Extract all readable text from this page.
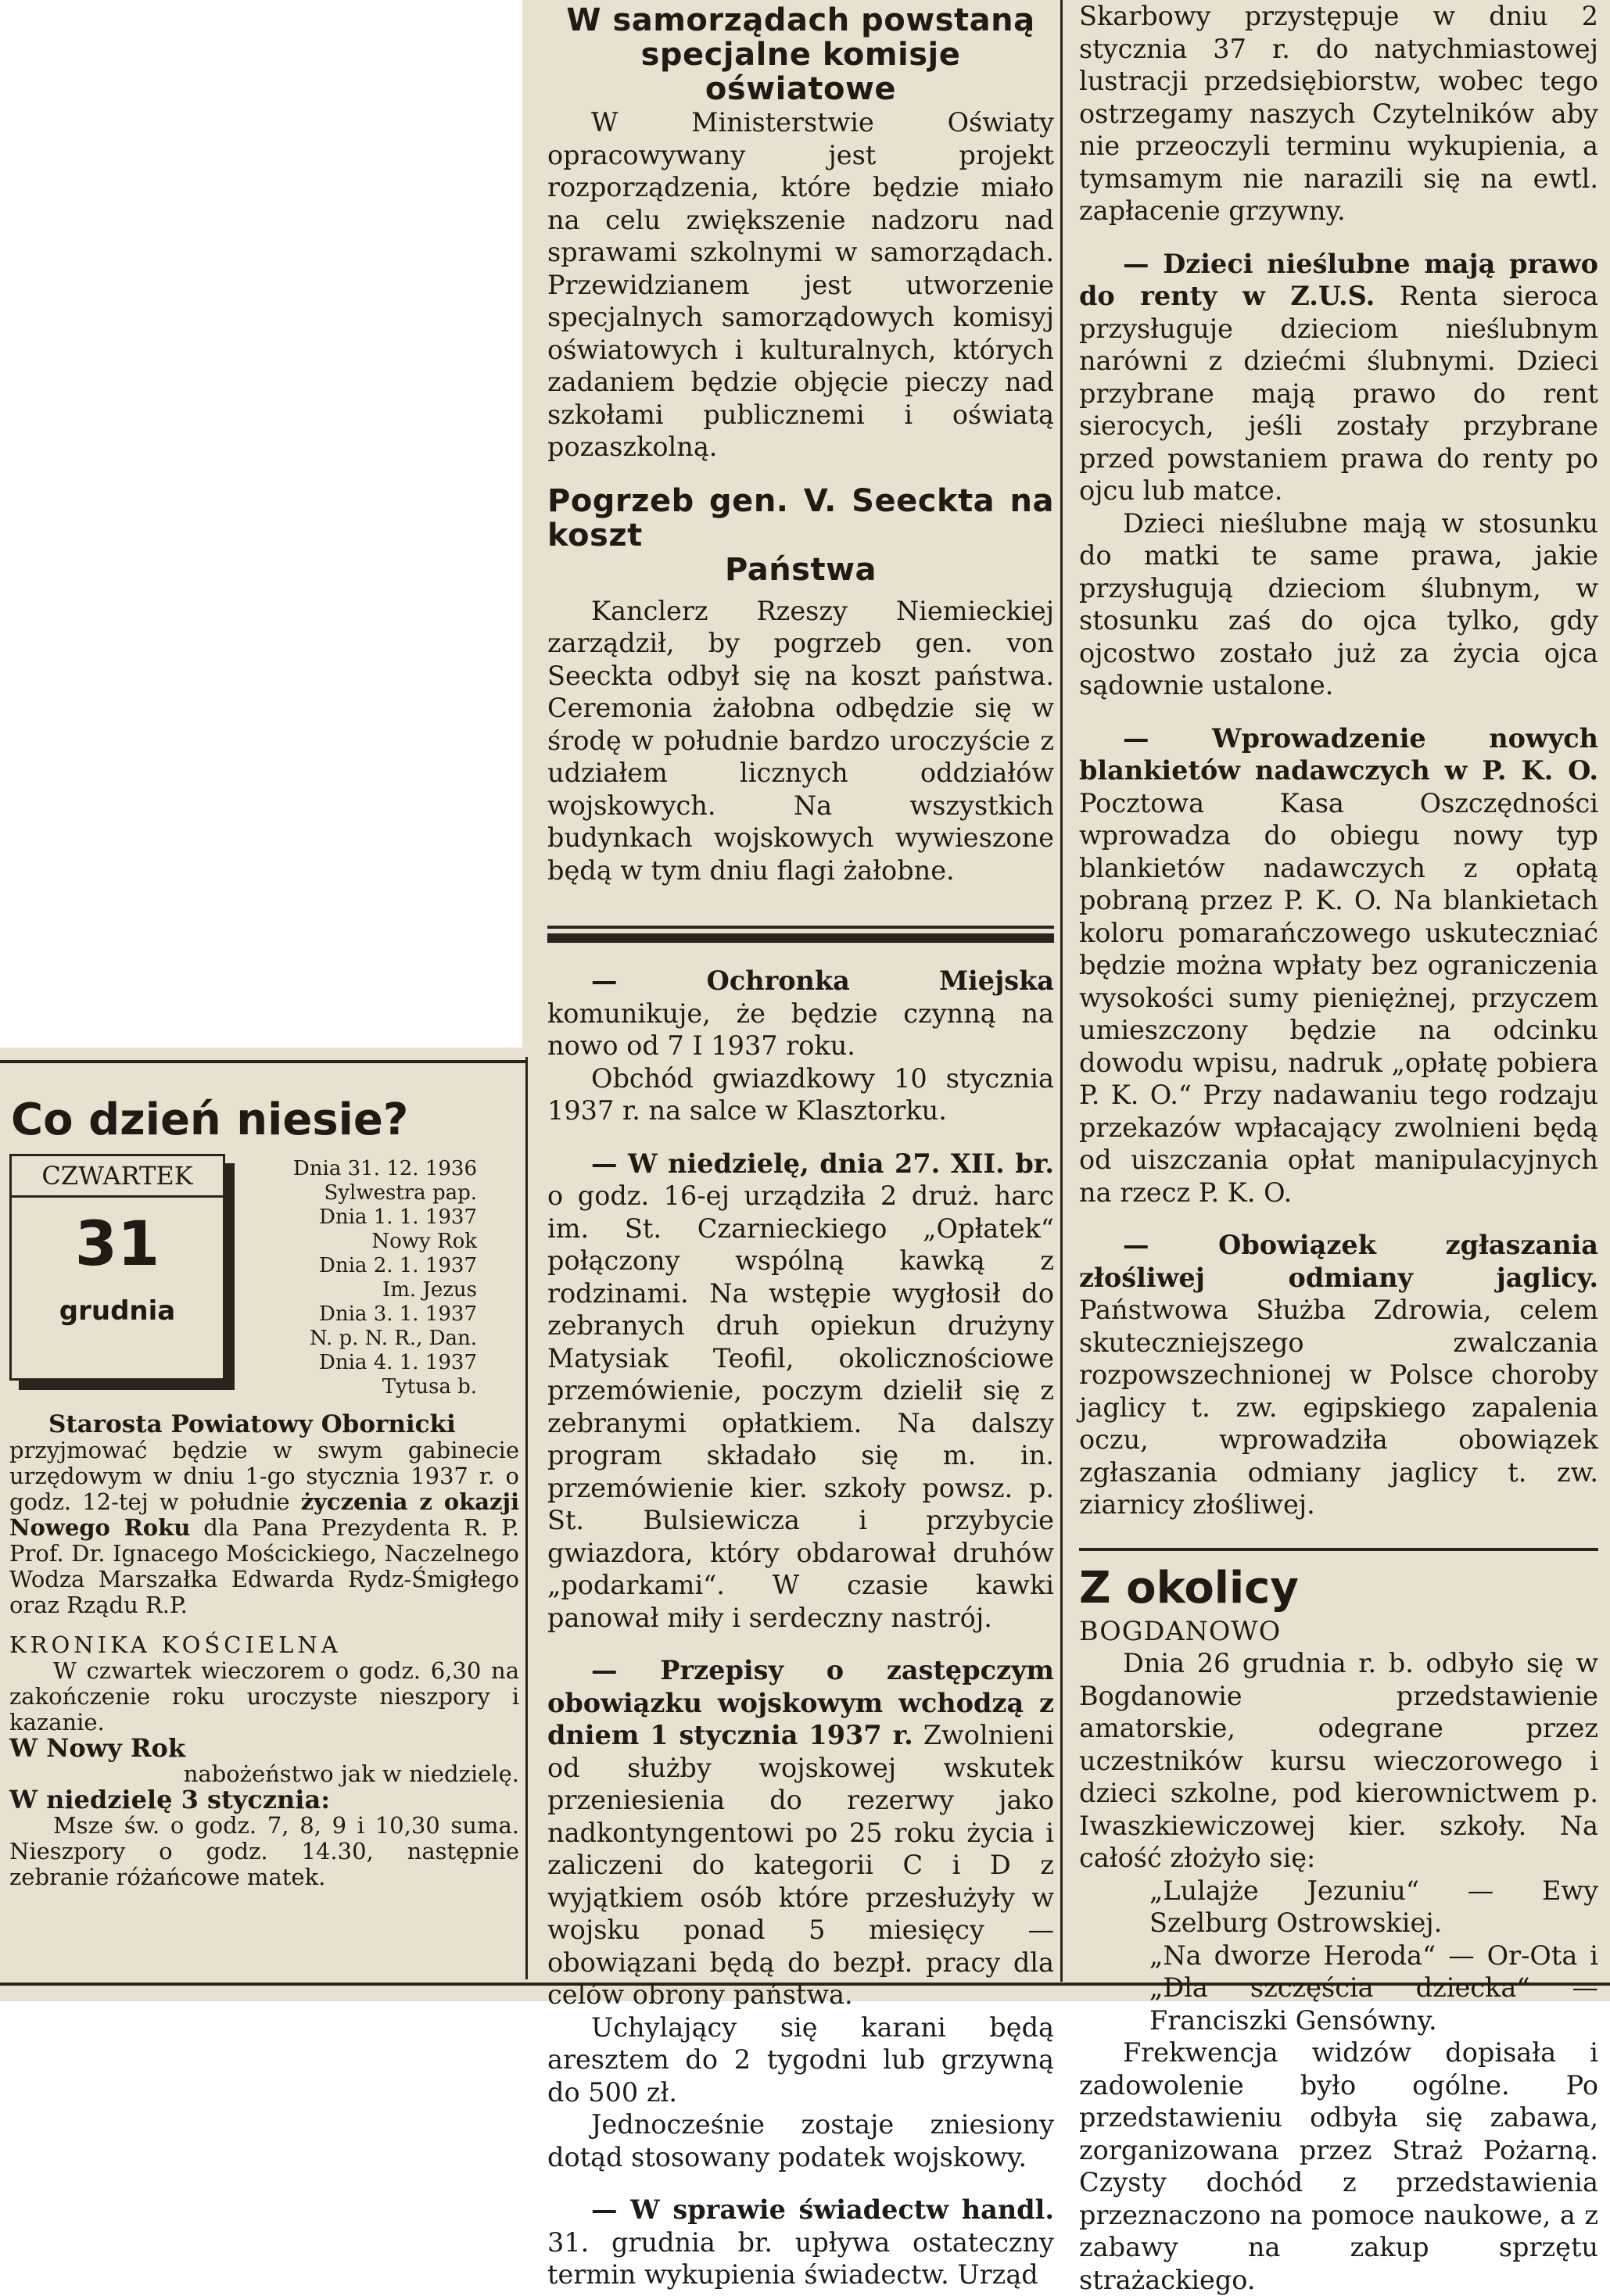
W samorządach powstaną
specjalne komisje oświatowe

W Ministerstwie Oświaty opracowywany jest projekt rozporządzenia, które będzie miało na celu zwiększenie nadzoru nad sprawami szkolnymi w samorządach. Przewidzianem jest utworzenie specjalnych samorządowych komisyj oświatowych i kulturalnych, których zadaniem będzie objęcie pieczy nad szkołami publicznemi i oświatą pozaszkolną.

Pogrzeb gen. V. Seeckta na koszt
Państwa

Kanclerz Rzeszy Niemieckiej zarządził, by pogrzeb gen. von Seeckta odbył się na koszt państwa. Ceremonia żałobna odbędzie się w środę w południe bardzo uroczyście z udziałem licznych oddziałów wojskowych. Na wszystkich budynkach wojskowych wywieszone będą w tym dniu flagi żałobne.

— Ochronka Miejska komunikuje, że będzie czynną na nowo od 7 I 1937 roku.

Obchód gwiazdkowy 10 stycznia 1937 r. na salce w Klasztorku.

— W niedzielę, dnia 27. XII. br. o godz. 16-ej urządziła 2 druż. harc im. St. Czarnieckiego „Opłatek“ połączony wspólną kawką z rodzinami. Na wstępie wygłosił do zebranych druh opiekun drużyny Matysiak Teofil, okolicznościowe przemówienie, poczym dzielił się z zebranymi opłatkiem. Na dalszy program składało się m. in. przemówienie kier. szkoły powsz. p. St. Bulsiewicza i przybycie gwiazdora, który obdarował druhów „podarkami“. W czasie kawki panował miły i serdeczny nastrój.

— Przepisy o zastępczym obowiązku wojskowym wchodzą z dniem 1 stycznia 1937 r. Zwolnieni od służby wojskowej wskutek przeniesienia do rezerwy jako nadkontyngentowi po 25 roku życia i zaliczeni do kategorii C i D z wyjątkiem osób które przesłużyły w wojsku ponad 5 miesięcy — obowiązani będą do bezpł. pracy dla celów obrony państwa.

Uchylający się karani będą aresztem do 2 tygodni lub grzywną do 500 zł.

Jednocześnie zostaje zniesiony dotąd stosowany podatek wojskowy.

— W sprawie świadectw handl. 31. grudnia br. upływa ostateczny termin wykupienia świadectw. Urząd

Skarbowy przystępuje w dniu 2 stycznia 37 r. do natychmiastowej lustracji przedsiębiorstw, wobec tego ostrzegamy naszych Czytelników aby nie przeoczyli terminu wykupienia, a tymsamym nie narazili się na ewtl. zapłacenie grzywny.

— Dzieci nieślubne mają prawo do renty w Z.U.S. Renta sieroca przysługuje dzieciom nieślubnym narówni z dziećmi ślubnymi. Dzieci przybrane mają prawo do rent sierocych, jeśli zostały przybrane przed powstaniem prawa do renty po ojcu lub matce.

Dzieci nieślubne mają w stosunku do matki te same prawa, jakie przysługują dzieciom ślubnym, w stosunku zaś do ojca tylko, gdy ojcostwo zostało już za życia ojca sądownie ustalone.

— Wprowadzenie nowych blankietów nadawczych w P. K. O. Pocztowa Kasa Oszczędności wprowadza do obiegu nowy typ blankietów nadawczych z opłatą pobraną przez P. K. O. Na blankietach koloru pomarańczowego uskuteczniać będzie można wpłaty bez ograniczenia wysokości sumy pieniężnej, przyczem umieszczony będzie na odcinku dowodu wpisu, nadruk „opłatę pobiera P. K. O.“ Przy nadawaniu tego rodzaju przekazów wpłacający zwolnieni będą od uiszczania opłat manipulacyjnych na rzecz P. K. O.

— Obowiązek zgłaszania złośliwej odmiany jaglicy. Państwowa Służba Zdrowia, celem skuteczniejszego zwalczania rozpowszechnionej w Polsce choroby jaglicy t. zw. egipskiego zapalenia oczu, wprowadziła obowiązek zgłaszania odmiany jaglicy t. zw. ziarnicy złośliwej.

Z okolicy
BOGDANOWO

Dnia 26 grudnia r. b. odbyło się w Bogdanowie przedstawienie amatorskie, odegrane przez uczestników kursu wieczorowego i dzieci szkolne, pod kierownictwem p. Iwaszkiewiczowej kier. szkoły. Na całość złożyło się:

„Lulajże Jezuniu“ — Ewy Szelburg Ostrowskiej.

„Na dworze Heroda“ — Or-Ota i „Dla szczęścia dziecka“ — Franciszki Gensówny.

Frekwencja widzów dopisała i zadowolenie było ogólne. Po przedstawieniu odbyła się zabawa, zorganizowana przez Straż Pożarną. Czysty dochód z przedstawienia przeznaczono na pomoce naukowe, a z zabawy na zakup sprzętu strażackiego.

Co dzień niesie?
CZWARTEK
31
grudnia
Dnia 31. 12. 1936
Sylwestra pap.
Dnia 1. 1. 1937
Nowy Rok
Dnia 2. 1. 1937
Im. Jezus
Dnia 3. 1. 1937
N. p. N. R., Dan.
Dnia 4. 1. 1937
Tytusa b.
Starosta Powiatowy Obornicki

przyjmować będzie w swym gabinecie urzędowym w dniu 1-go stycznia 1937 r. o godz. 12-tej w południe życzenia z okazji Nowego Roku dla Pana Prezydenta R. P. Prof. Dr. Ignacego Mościckiego, Naczelnego Wodza Marszałka Edwarda Rydz-Śmigłego oraz Rządu R.P.

KRONIKA KOŚCIELNA

W czwartek wieczorem o godz. 6,30 na zakończenie roku uroczyste nieszpory i kazanie.

W Nowy Rok

nabożeństwo jak w niedzielę.

W niedzielę 3 stycznia:

Msze św. o godz. 7, 8, 9 i 10,30 suma. Nieszpory o godz. 14.30, następnie zebranie różańcowe matek.
